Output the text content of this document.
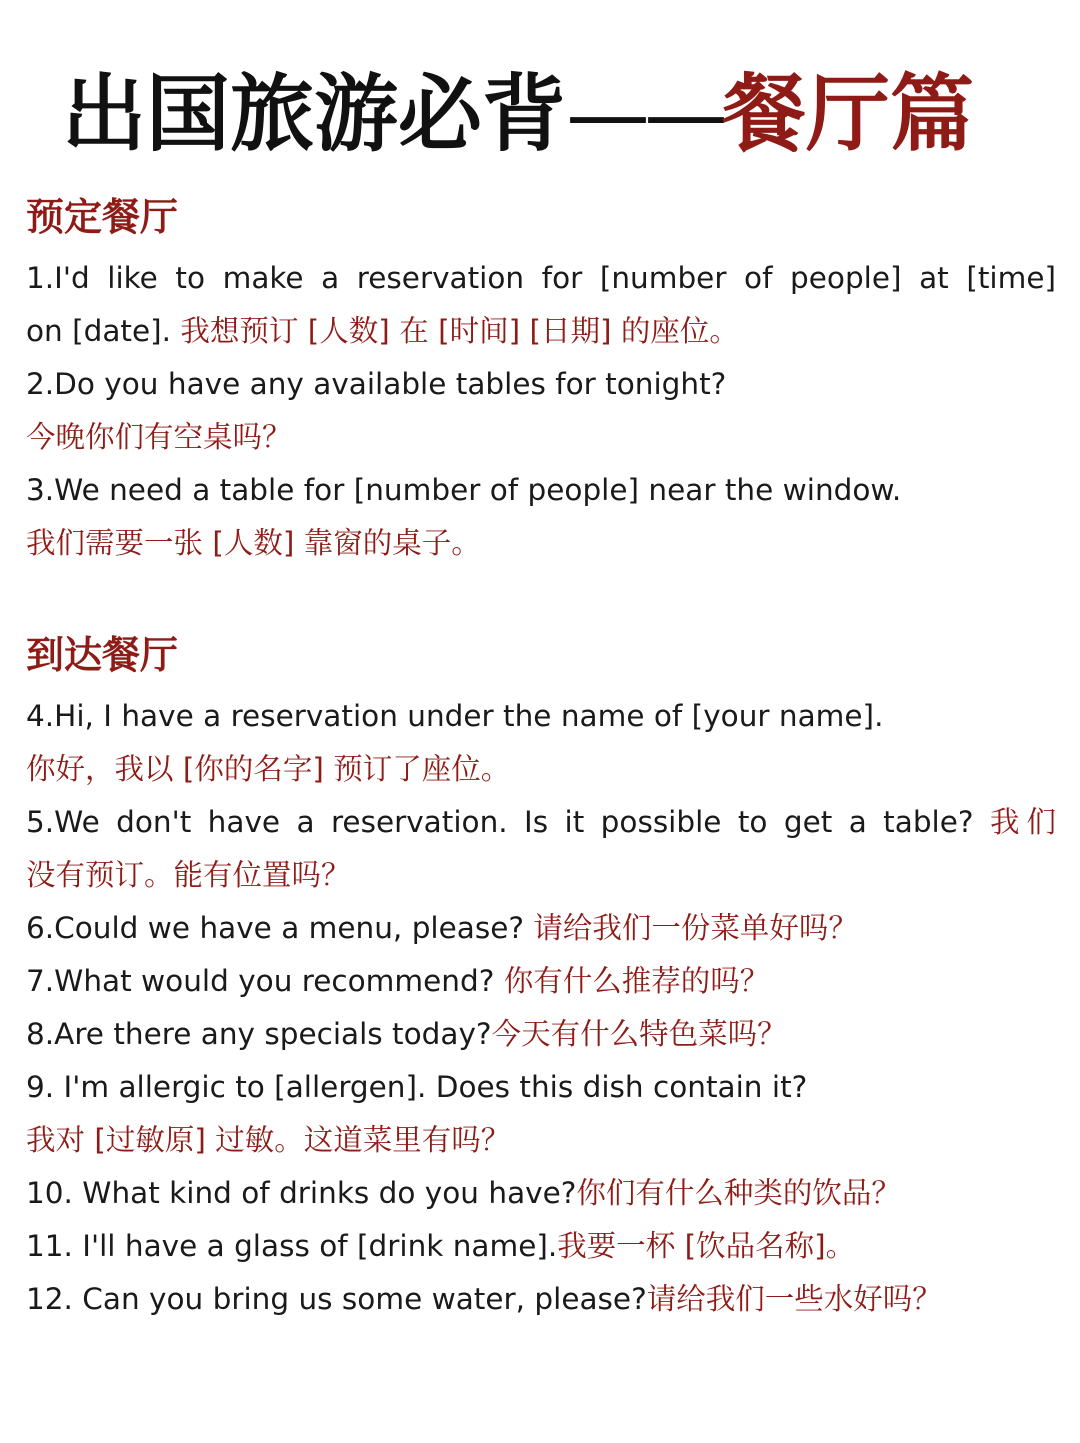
出国旅游必背——餐厅篇
预定餐厅
1.I'd like to make a reservation for [number of people] at [time]
on [date]. 我想预订 [人数] 在 [时间] [日期] 的座位。
2.Do you have any available tables for tonight?
今晚你们有空桌吗？
3.We need a table for [number of people] near the window.
我们需要一张 [人数] 靠窗的桌子。
到达餐厅
4.Hi, I have a reservation under the name of [your name].
你好，我以 [你的名字] 预订了座位。
5.We don't have a reservation. Is it possible to get a table? 我们
没有预订。能有位置吗？
6.Could we have a menu, please? 请给我们一份菜单好吗？
7.What would you recommend? 你有什么推荐的吗？
8.Are there any specials today?今天有什么特色菜吗？
9. I'm allergic to [allergen]. Does this dish contain it?
我对 [过敏原] 过敏。这道菜里有吗？
10. What kind of drinks do you have?你们有什么种类的饮品？
11. I'll have a glass of [drink name].我要一杯 [饮品名称]。
12. Can you bring us some water, please?请给我们一些水好吗？
